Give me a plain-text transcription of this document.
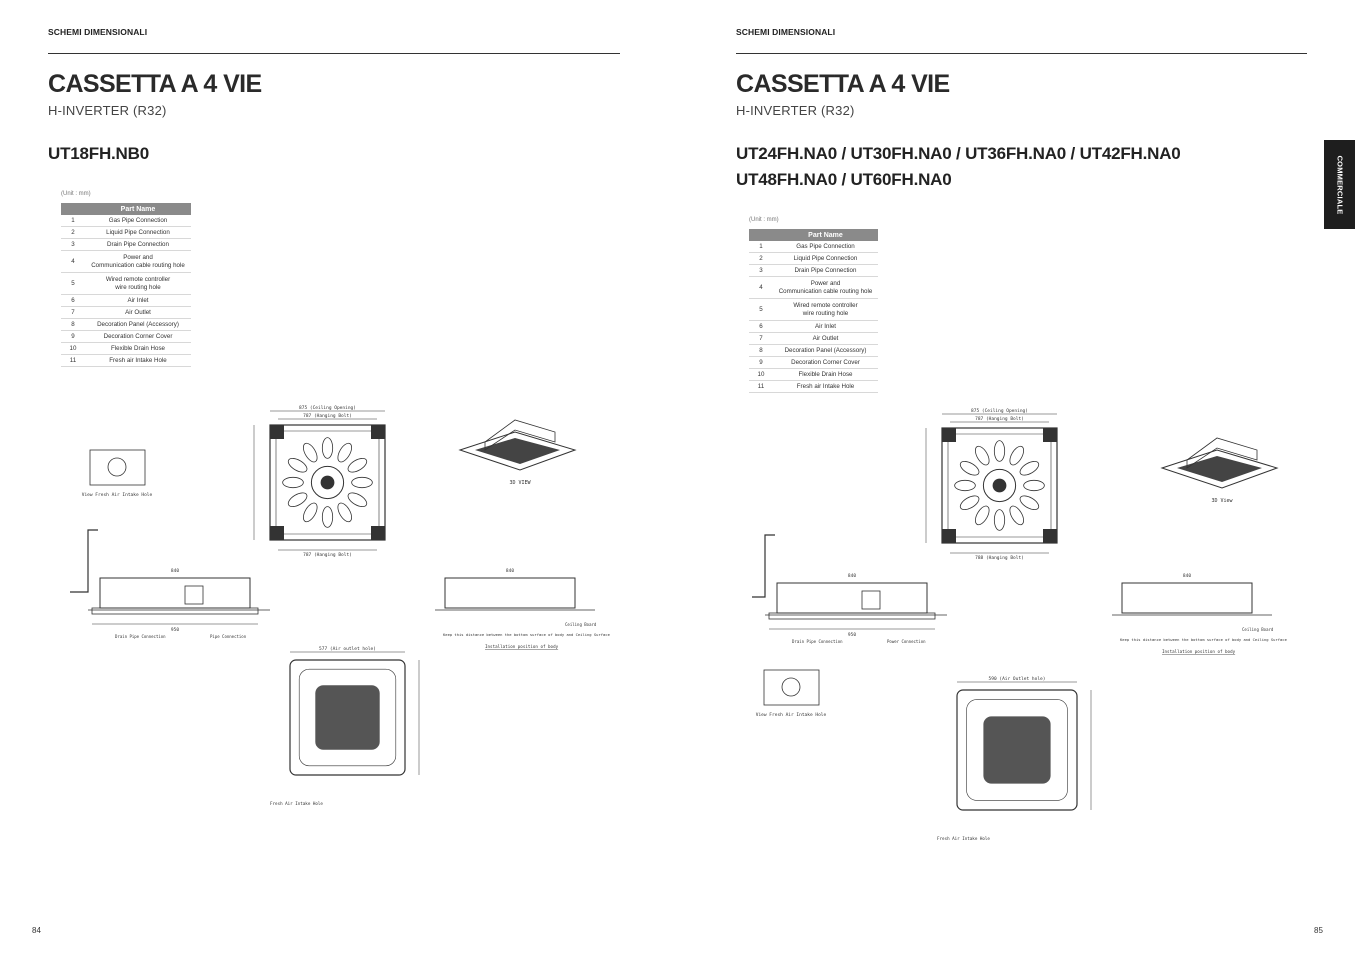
SCHEMI DIMENSIONALI
CASSETTA A 4 VIE
H-INVERTER (R32)
UT18FH.NB0
(Unit : mm)
	Part Name
1	Gas Pipe Connection
2	Liquid Pipe Connection
3	Drain Pipe Connection
4	Power and
Communication cable routing hole
5	Wired remote controller
wire routing hole
6	Air Inlet
7	Air Outlet
8	Decoration Panel (Accessory)
9	Decoration Corner Cover
10	Flexible Drain Hose
11	Fresh air Intake Hole
875 (Ceiling Opening)
787 (Hanging Bolt)
787 (Hanging Bolt)
3D VIEW
840
950
Drain Pipe Connection	Pipe Connection
840
Ceiling Board
Keep this distance between the bottom surface of body and Ceiling Surface
Installation position of body
View Fresh Air Intake Hole
577 (Air outlet hole)
Fresh Air Intake Hole
84
SCHEMI DIMENSIONALI
CASSETTA A 4 VIE
H-INVERTER (R32)
UT24FH.NA0 / UT30FH.NA0 / UT36FH.NA0 / UT42FH.NA0
UT48FH.NA0 / UT60FH.NA0
(Unit : mm)
	Part Name
1	Gas Pipe Connection
2	Liquid Pipe Connection
3	Drain Pipe Connection
4	Power and
Communication cable routing hole
5	Wired remote controller
wire routing hole
6	Air Inlet
7	Air Outlet
8	Decoration Panel (Accessory)
9	Decoration Corner Cover
10	Flexible Drain Hose
11	Fresh air Intake Hole
875 (Ceiling Opening)
787 (Hanging Bolt)
788 (Hanging Bolt)
3D View
840
950
Drain Pipe Connection	Power Connection
840
Ceiling Board
Keep this distance between the bottom surface of body and Ceiling Surface
Installation position of body
View Fresh Air Intake Hole
590 (Air Outlet hole)
Fresh Air Intake Hole
85
COMMERCIALE
